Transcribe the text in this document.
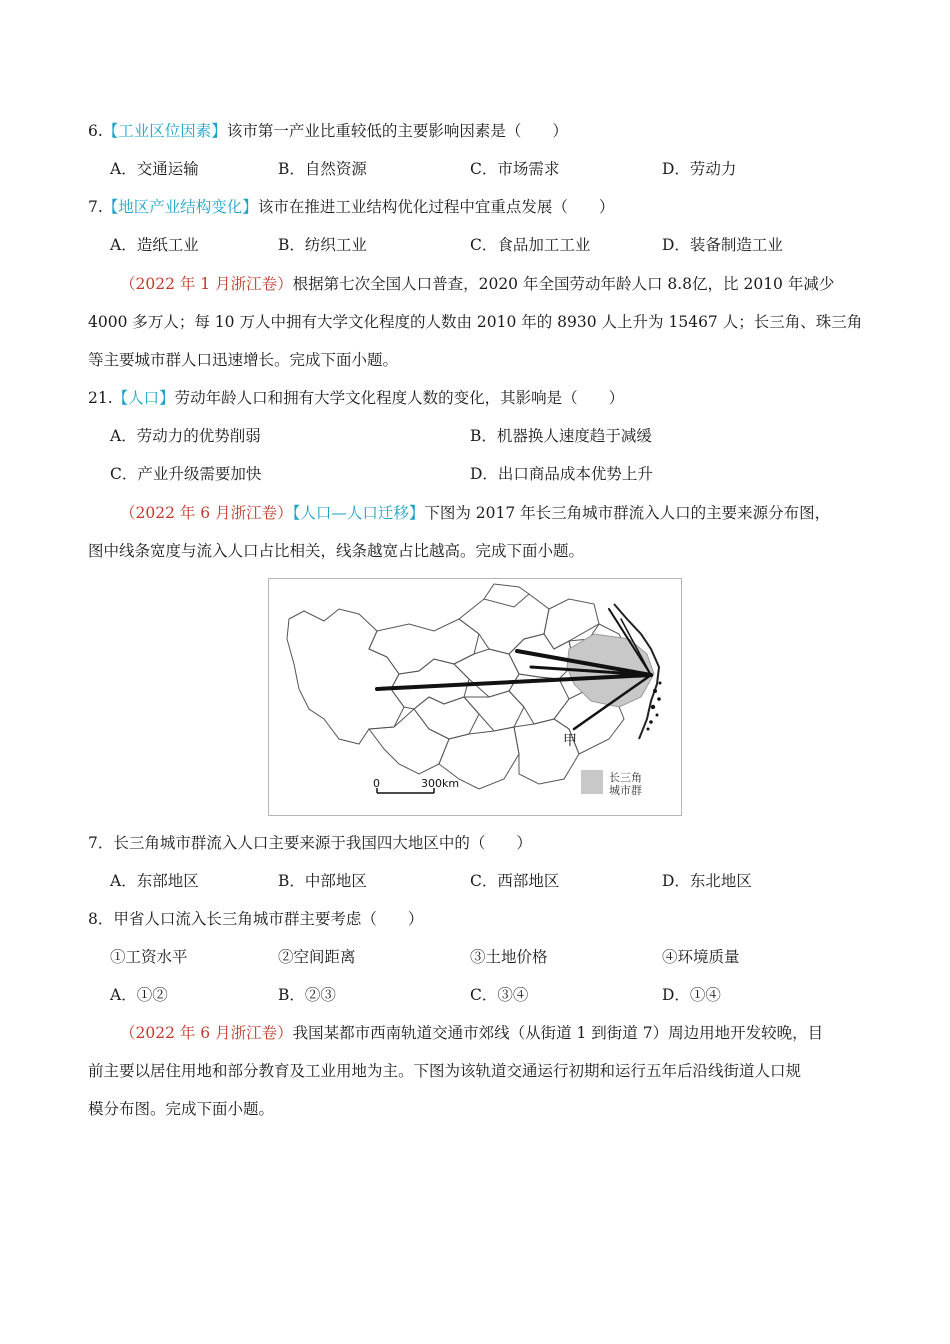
6.【工业区位因素】该市第一产业比重较低的主要影响因素是（　　）
A．交通运输	B．自然资源	C．市场需求	D．劳动力
7.【地区产业结构变化】该市在推进工业结构优化过程中宜重点发展（　　）
A．造纸工业	B．纺织工业	C．食品加工工业	D．装备制造工业
（2022 年 1 月浙江卷）根据第七次全国人口普查，2020 年全国劳动年龄人口 8.8亿，比 2010 年减少
4000 多万人；每 10 万人中拥有大学文化程度的人数由 2010 年的 8930 人上升为 15467 人；长三角、珠三角
等主要城市群人口迅速增长。完成下面小题。
21.【人口】劳动年龄人口和拥有大学文化程度人数的变化，其影响是（　　）
A．劳动力的优势削弱	B．机器换人速度趋于减缓
C．产业升级需要加快	D．出口商品成本优势上升
（2022 年 6 月浙江卷）【人口—人口迁移】下图为 2017 年长三角城市群流入人口的主要来源分布图，
图中线条宽度与流入人口占比相关，线条越宽占比越高。完成下面小题。
甲
0	300km	长三角
城市群
7．长三角城市群流入人口主要来源于我国四大地区中的（　　）
A．东部地区	B．中部地区	C．西部地区	D．东北地区
8．甲省人口流入长三角城市群主要考虑（　　）
①工资水平	②空间距离	③土地价格	④环境质量
A．①②	B．②③	C．③④	D．①④
（2022 年 6 月浙江卷）我国某都市西南轨道交通市郊线（从街道 1 到街道 7）周边用地开发较晚，目
前主要以居住用地和部分教育及工业用地为主。下图为该轨道交通运行初期和运行五年后沿线街道人口规
模分布图。完成下面小题。
